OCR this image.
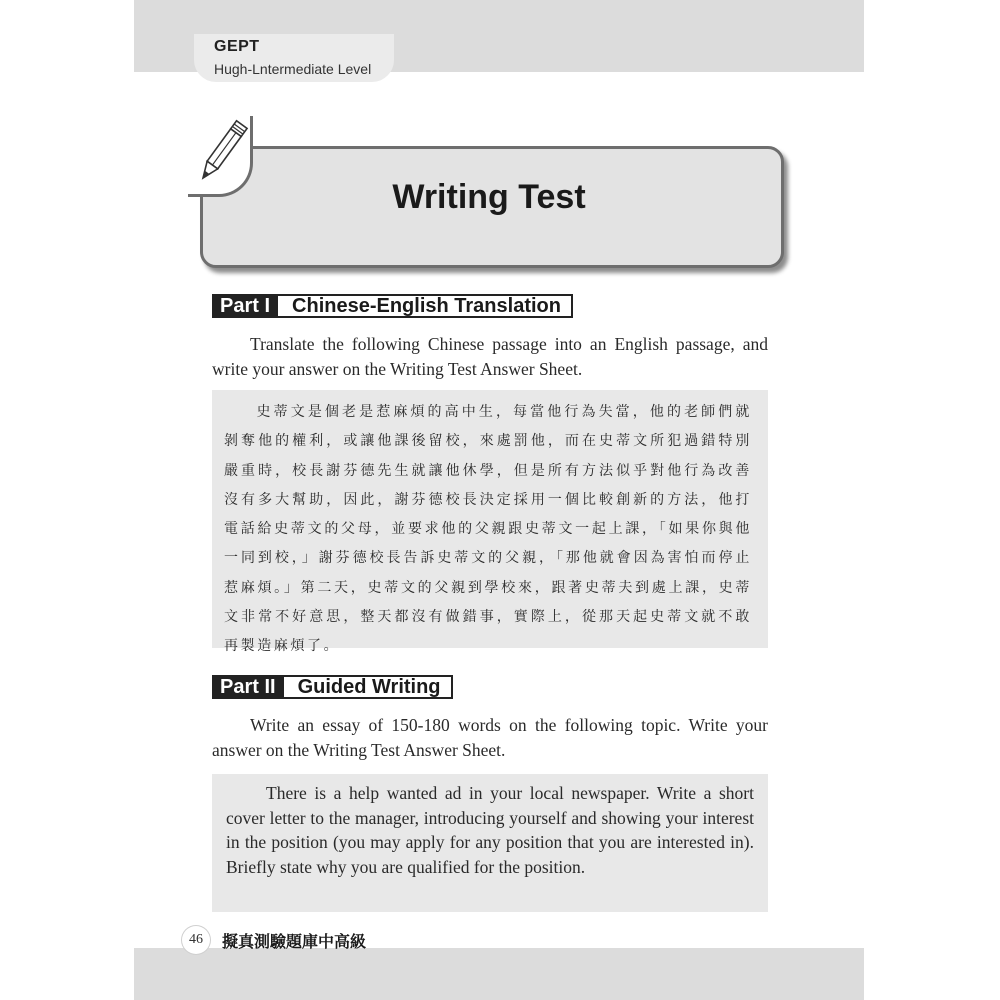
GEPT
Hugh-Lntermediate Level
Writing Test
Part I	Chinese-English Translation
Translate the following Chinese passage into an English passage, and write your answer on the Writing Test Answer Sheet.
史蒂文是個老是惹麻煩的高中生，每當他行為失當，他的老師們就剝奪他的權利，或讓他課後留校，來處罰他，而在史蒂文所犯過錯特別嚴重時，校長謝芬德先生就讓他休學，但是所有方法似乎對他行為改善沒有多大幫助，因此，謝芬德校長決定採用一個比較創新的方法，他打電話給史蒂文的父母，並要求他的父親跟史蒂文一起上課，「如果你與他一同到校，」謝芬德校長告訴史蒂文的父親，「那他就會因為害怕而停止惹麻煩。」第二天，史蒂文的父親到學校來，跟著史蒂夫到處上課，史蒂文非常不好意思，整天都沒有做錯事，實際上，從那天起史蒂文就不敢再製造麻煩了。
Part II	Guided Writing
Write an essay of 150-180 words on the following topic. Write your answer on the Writing Test Answer Sheet.
There is a help wanted ad in your local newspaper. Write a short cover letter to the manager, introducing yourself and showing your interest in the position (you may apply for any position that you are interested in). Briefly state why you are qualified for the position.
46	擬真測驗題庫中高級
